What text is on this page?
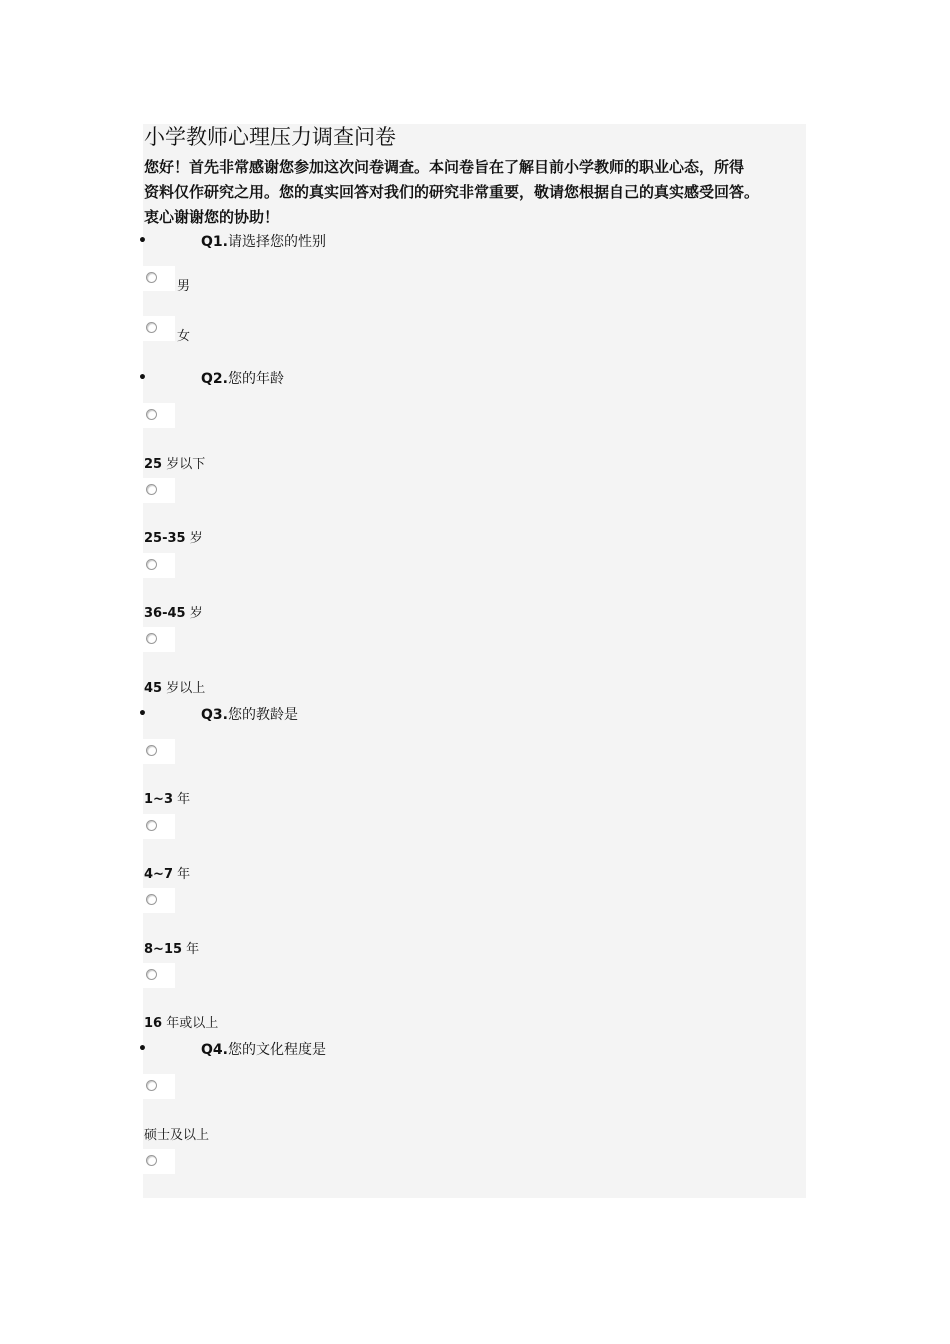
小学教师心理压力调查问卷
您好！首先非常感谢您参加这次问卷调查。本问卷旨在了解目前小学教师的职业心态，所得
资料仅作研究之用。您的真实回答对我们的研究非常重要，敬请您根据自己的真实感受回答。
衷心谢谢您的协助！
•	Q1.请选择您的性别
男
女
•	Q2.您的年龄
25 岁以下
25-35 岁
36-45 岁
45 岁以上
•	Q3.您的教龄是
1~3 年
4~7 年
8~15 年
16 年或以上
•	Q4.您的文化程度是
硕士及以上
